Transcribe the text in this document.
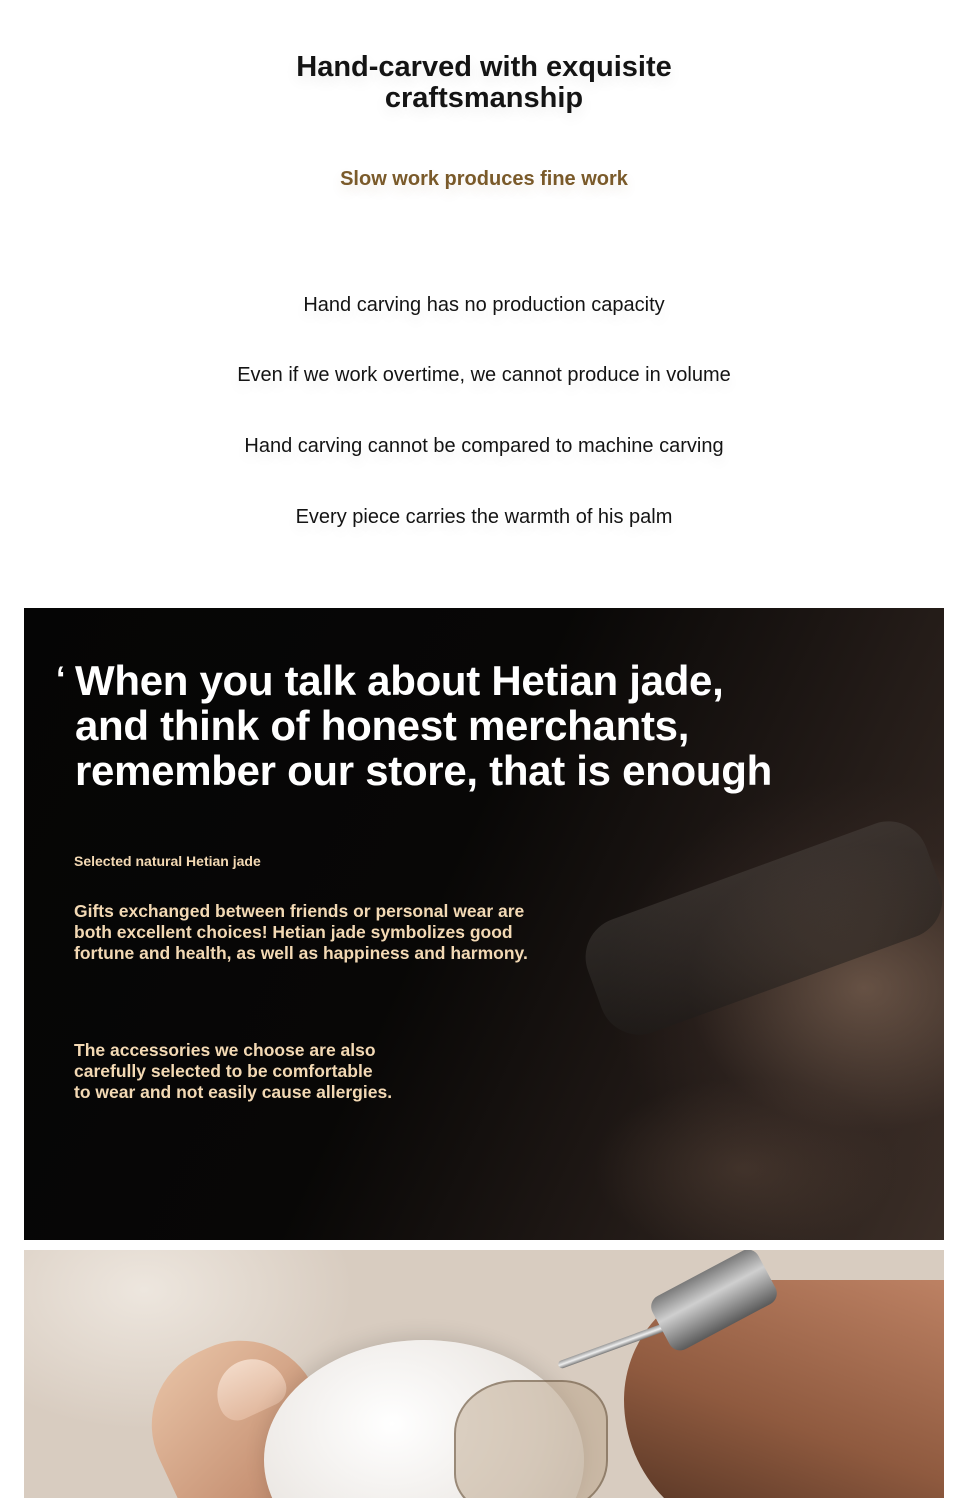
Hand-carved with exquisite
craftsmanship

Slow work produces fine work

Hand carving has no production capacity

Even if we work overtime, we cannot produce in volume

Hand carving cannot be compared to machine carving

Every piece carries the warmth of his palm

‘ When you talk about Hetian jade,
and think of honest merchants,
remember our store, that is enough

Selected natural Hetian jade

Gifts exchanged between friends or personal wear are
both excellent choices! Hetian jade symbolizes good
fortune and health, as well as happiness and harmony.

The accessories we choose are also
carefully selected to be comfortable
to wear and not easily cause allergies.
